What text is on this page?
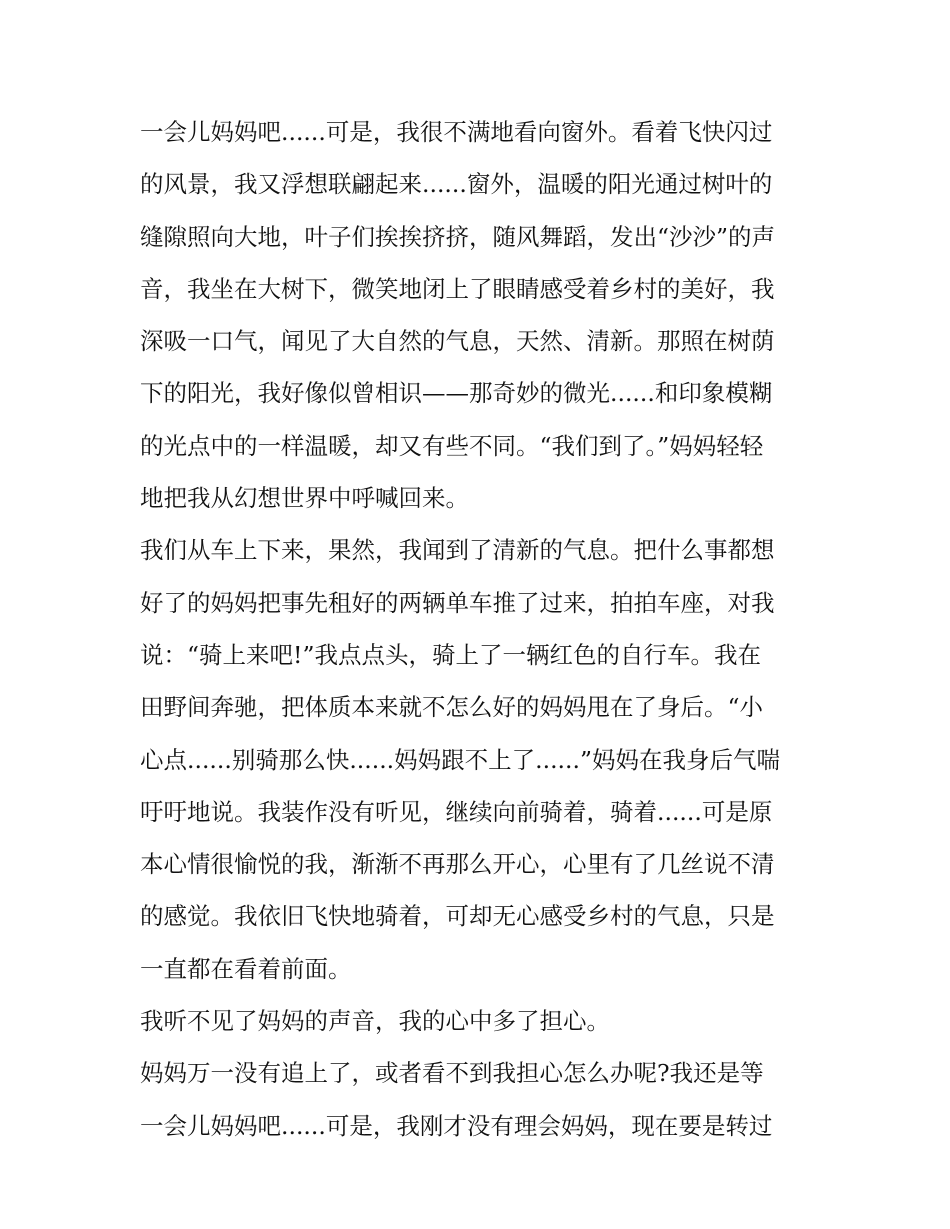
一会儿妈妈吧......可是，我很不满地看向窗外。看着飞快闪过
的风景，我又浮想联翩起来......窗外，温暖的阳光通过树叶的
缝隙照向大地，叶子们挨挨挤挤，随风舞蹈，发出“沙沙”的声
音，我坐在大树下，微笑地闭上了眼睛感受着乡村的美好，我
深吸一口气，闻见了大自然的气息，天然、清新。那照在树荫
下的阳光，我好像似曾相识——那奇妙的微光......和印象模糊
的光点中的一样温暖，却又有些不同。“我们到了。”妈妈轻轻
地把我从幻想世界中呼喊回来。
我们从车上下来，果然，我闻到了清新的气息。把什么事都想
好了的妈妈把事先租好的两辆单车推了过来，拍拍车座，对我
说：“骑上来吧!”我点点头，骑上了一辆红色的自行车。我在
田野间奔驰，把体质本来就不怎么好的妈妈甩在了身后。“小
心点......别骑那么快......妈妈跟不上了......”妈妈在我身后气喘
吁吁地说。我装作没有听见，继续向前骑着，骑着......可是原
本心情很愉悦的我，渐渐不再那么开心，心里有了几丝说不清
的感觉。我依旧飞快地骑着，可却无心感受乡村的气息，只是
一直都在看着前面。
我听不见了妈妈的声音，我的心中多了担心。
妈妈万一没有追上了，或者看不到我担心怎么办呢?我还是等
一会儿妈妈吧......可是，我刚才没有理会妈妈，现在要是转过
